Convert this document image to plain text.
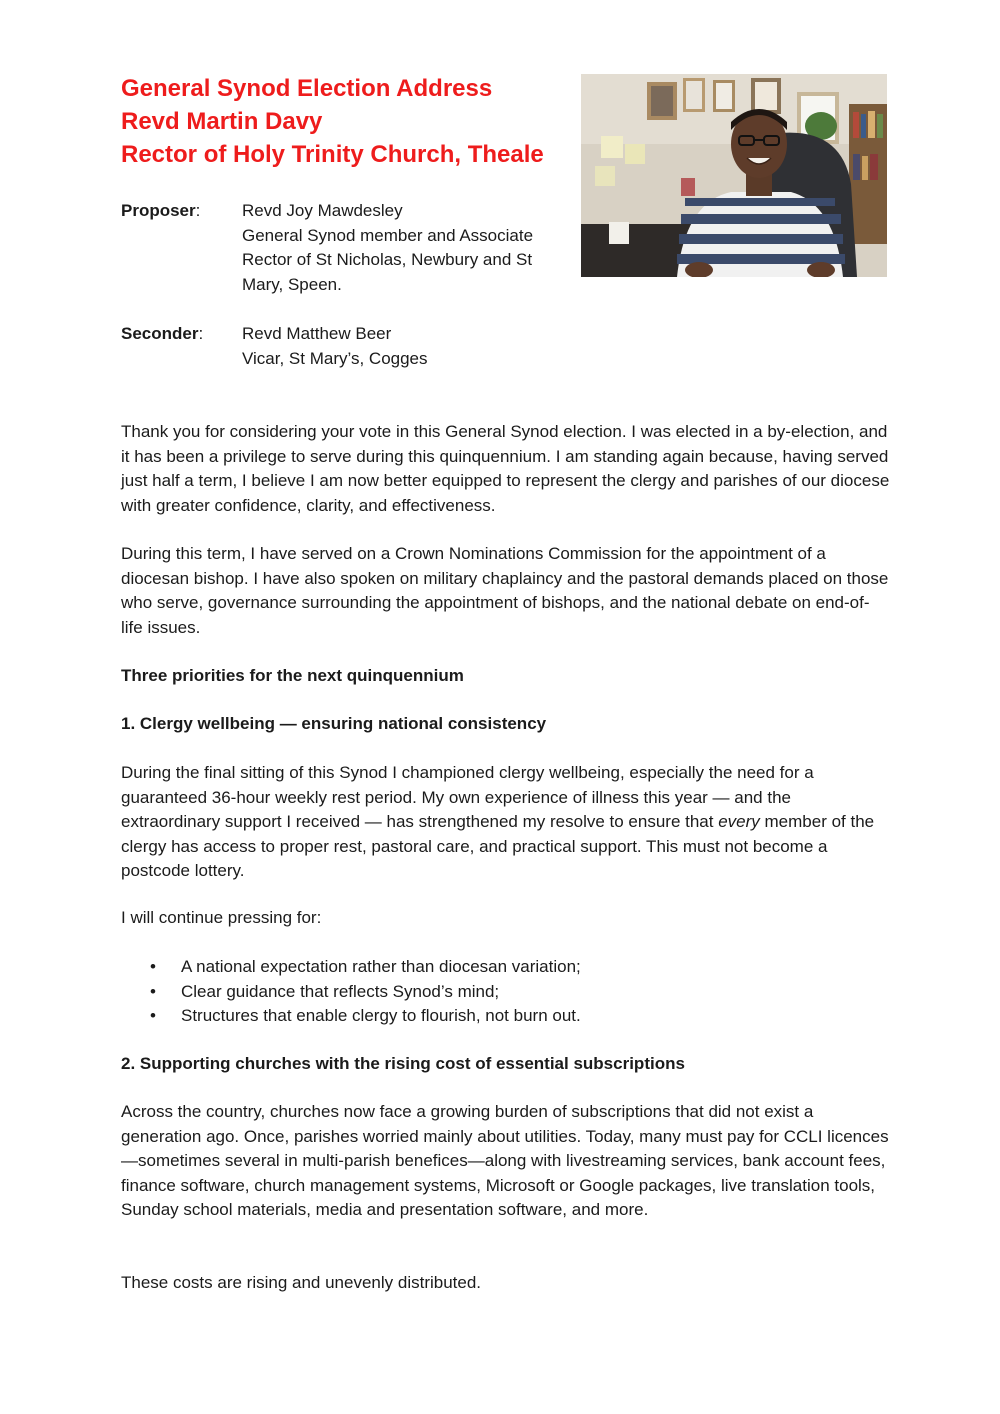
General Synod Election Address
Revd Martin Davy
Rector of Holy Trinity Church, Theale
Proposer: Revd Joy Mawdesley
General Synod member and Associate Rector of St Nicholas, Newbury and St Mary, Speen.
Seconder: Revd Matthew Beer
Vicar, St Mary’s, Cogges

Thank you for considering your vote in this General Synod election. I was elected in a by-election, and it has been a privilege to serve during this quinquennium. I am standing again because, having served just half a term, I believe I am now better equipped to represent the clergy and parishes of our diocese with greater confidence, clarity, and effectiveness.

During this term, I have served on a Crown Nominations Commission for the appointment of a diocesan bishop. I have also spoken on military chaplaincy and the pastoral demands placed on those who serve, governance surrounding the appointment of bishops, and the national debate on end-of-life issues.

Three priorities for the next quinquennium

1. Clergy wellbeing — ensuring national consistency

During the final sitting of this Synod I championed clergy wellbeing, especially the need for a guaranteed 36-hour weekly rest period. My own experience of illness this year — and the extraordinary support I received — has strengthened my resolve to ensure that every member of the clergy has access to proper rest, pastoral care, and practical support. This must not become a postcode lottery.

I will continue pressing for:

• A national expectation rather than diocesan variation;
• Clear guidance that reflects Synod’s mind;
• Structures that enable clergy to flourish, not burn out.

2. Supporting churches with the rising cost of essential subscriptions

Across the country, churches now face a growing burden of subscriptions that did not exist a generation ago. Once, parishes worried mainly about utilities. Today, many must pay for CCLI licences—sometimes several in multi-parish benefices—along with livestreaming services, bank account fees, finance software, church management systems, Microsoft or Google packages, live translation tools, Sunday school materials, media and presentation software, and more.

These costs are rising and unevenly distributed.
